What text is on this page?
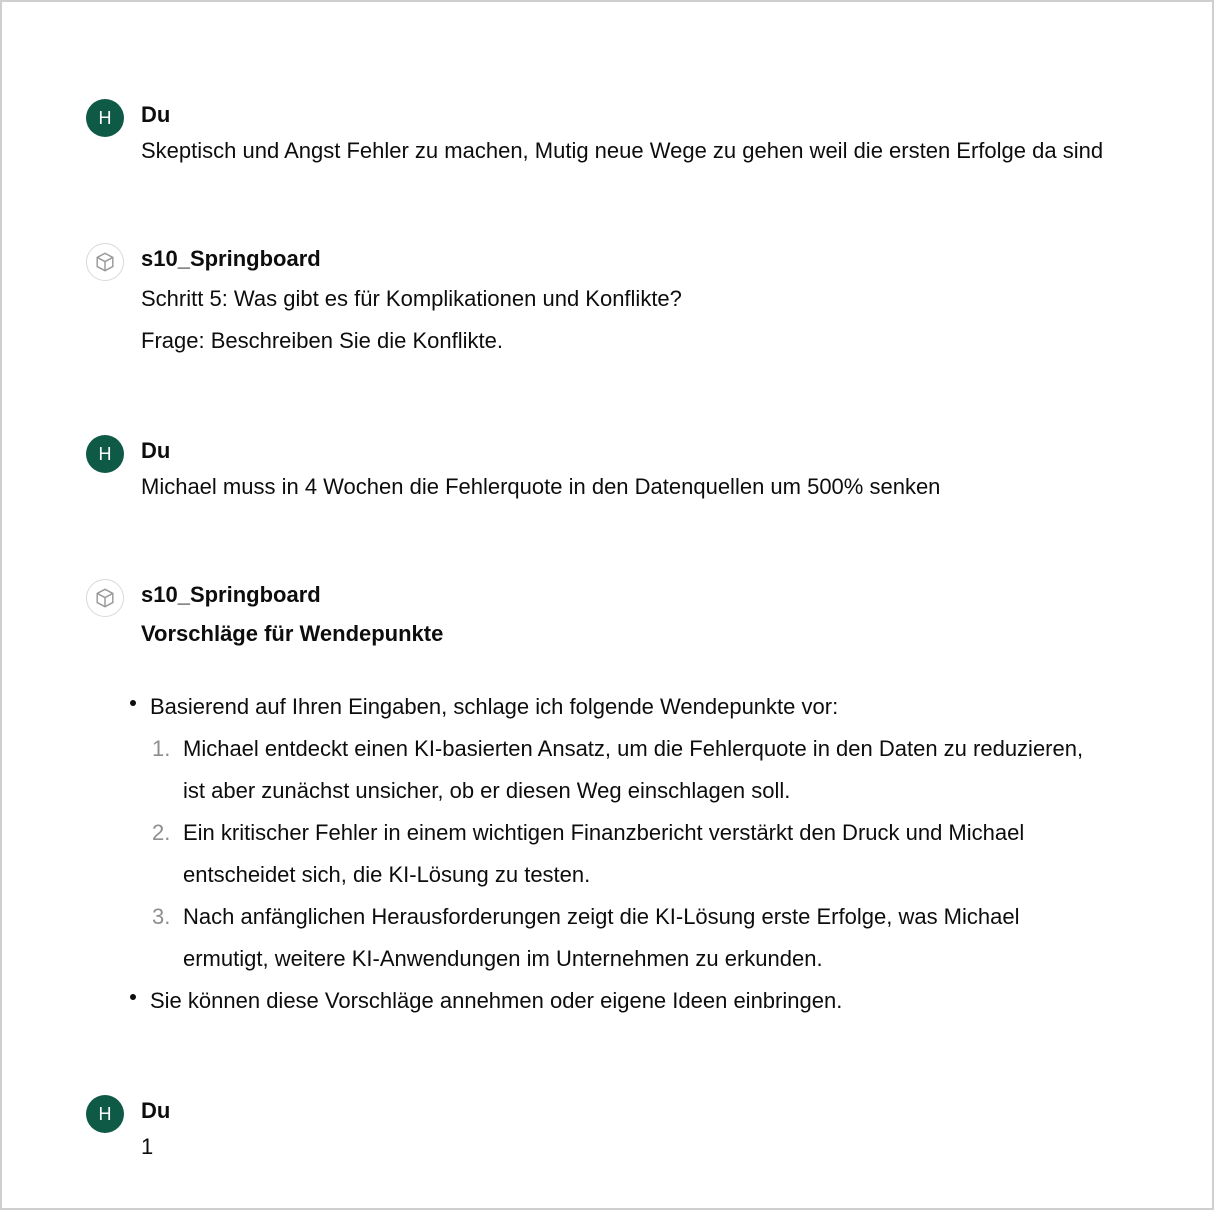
H	Du
Skeptisch und Angst Fehler zu machen, Mutig neue Wege zu gehen weil die ersten Erfolge da sind
s10_Springboard

Schritt 5: Was gibt es für Komplikationen und Konflikte?

Frage: Beschreiben Sie die Konflikte.

H	Du
Michael muss in 4 Wochen die Fehlerquote in den Datenquellen um 500% senken
s10_Springboard
Vorschläge für Wendepunkte
Basierend auf Ihren Eingaben, schlage ich folgende Wendepunkte vor:
1. Michael entdeckt einen KI-basierten Ansatz, um die Fehlerquote in den Daten zu reduzieren,
ist aber zunächst unsicher, ob er diesen Weg einschlagen soll.
2. Ein kritischer Fehler in einem wichtigen Finanzbericht verstärkt den Druck und Michael
entscheidet sich, die KI-Lösung zu testen.
3. Nach anfänglichen Herausforderungen zeigt die KI-Lösung erste Erfolge, was Michael
ermutigt, weitere KI-Anwendungen im Unternehmen zu erkunden.
Sie können diese Vorschläge annehmen oder eigene Ideen einbringen.
H	Du
1
